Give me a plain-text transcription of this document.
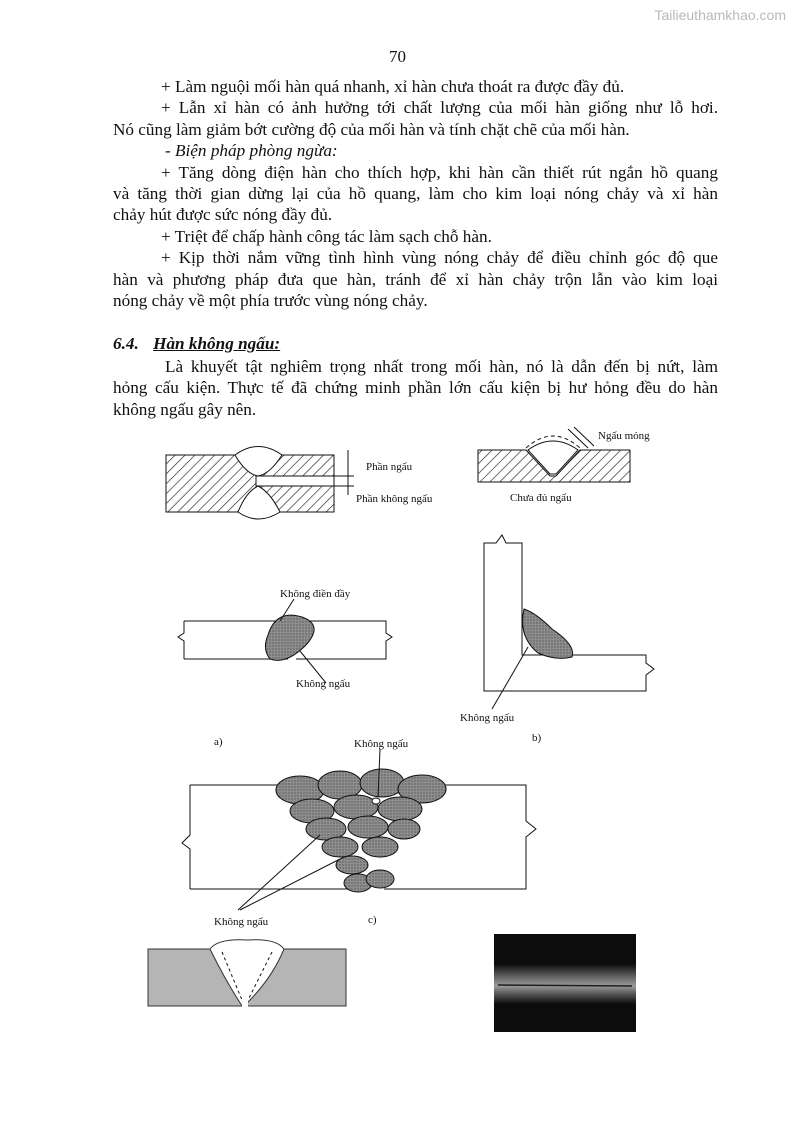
Tailieuthamkhao.com
70
+ Làm nguội mối hàn quá nhanh, xỉ hàn chưa thoát ra được đầy đủ.
+ Lẫn xỉ hàn có ảnh hưởng tới chất lượng của mối hàn giống như lỗ hơi.
Nó cũng làm giảm bớt cường độ của mối hàn và tính chặt chẽ của mối hàn.
- Biện pháp phòng ngừa:
+ Tăng dòng điện hàn cho thích hợp, khi hàn cần thiết rút ngắn hồ quang
và tăng thời gian dừng lại của hồ quang, làm cho kim loại nóng chảy và xỉ hàn
chảy hút được sức nóng đầy đủ.
+ Triệt để chấp hành công tác làm sạch chỗ hàn.
+ Kịp thời nắm vững tình hình vùng nóng chảy để điều chỉnh góc độ que
hàn và phương pháp đưa que hàn, tránh để xỉ hàn chảy trộn lẫn vào kim loại
nóng chảy về một phía trước vùng nóng chảy.
6.4. Hàn không ngấu:
Là khuyết tật nghiêm trọng nhất trong mối hàn, nó là dẫn đến bị nứt, làm
hỏng cấu kiện. Thực tế đã chứng minh phần lớn cấu kiện bị hư hỏng đều do hàn
không ngấu gây nên.
Phần ngấu
Phần không ngấu
Ngấu mỏng
Chưa đủ ngấu
Không điền đầy
Không ngấu
a)
Không ngấu
b)
Không ngấu
Không ngấu	c)
